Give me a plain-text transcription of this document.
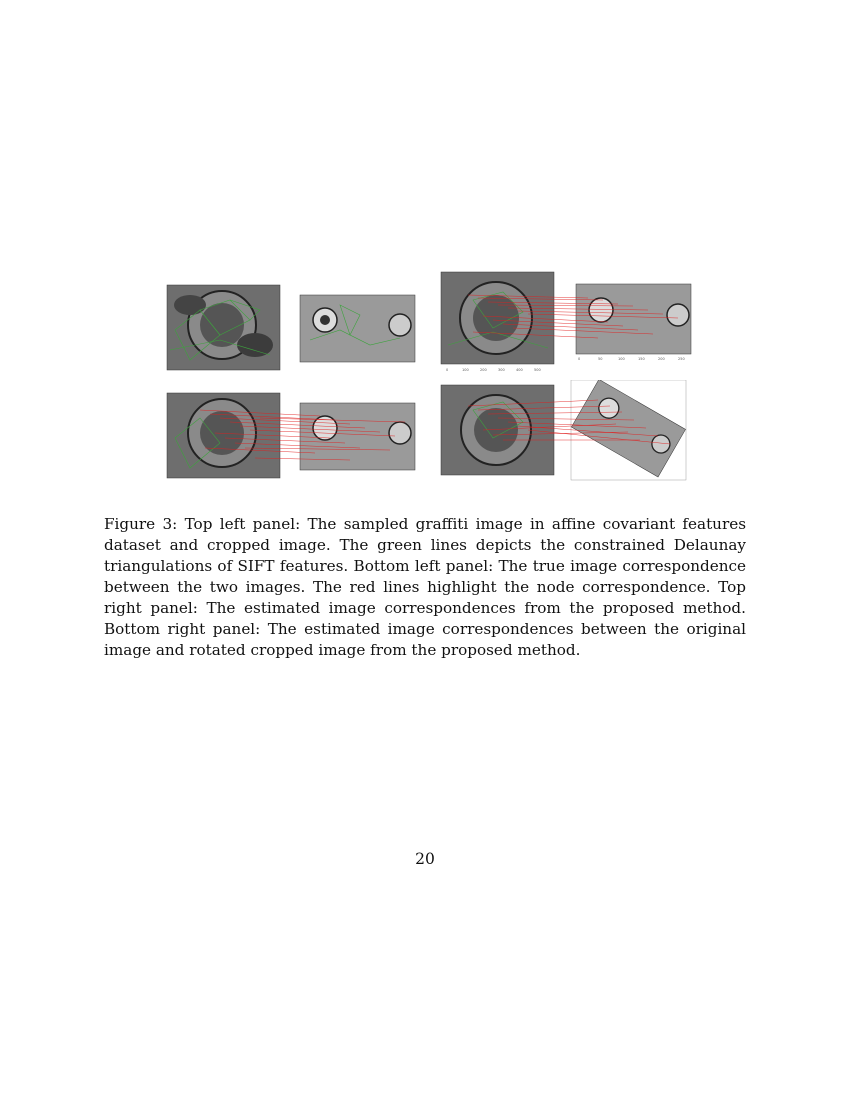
0	100	200	300	400	500
0	50	100	150	200	250
Figure 3: Top left panel: The sampled graffiti image in affine covariant features dataset and cropped image. The green lines depicts the constrained Delaunay triangulations of SIFT features. Bottom left panel: The true image correspondence between the two images. The red lines highlight the node correspondence. Top right panel: The estimated image correspondences from the proposed method. Bottom right panel: The estimated image correspondences between the original image and rotated cropped image from the proposed method.
20
